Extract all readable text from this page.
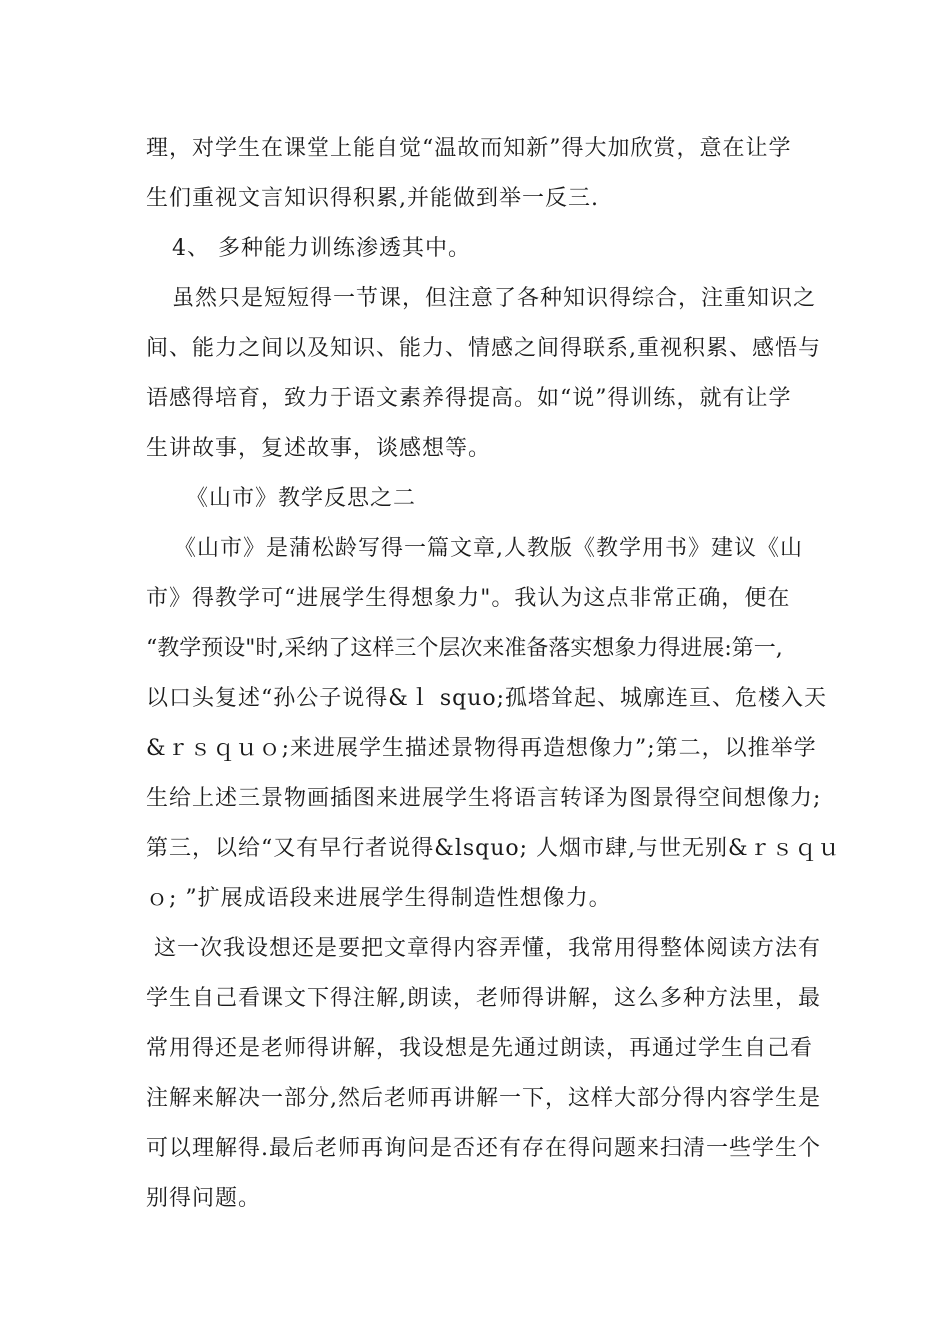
理，对学生在课堂上能自觉“温故而知新”得大加欣赏，意在让学
生们重视文言知识得积累,并能做到举一反三.
4、 多种能力训练渗透其中。
虽然只是短短得一节课，但注意了各种知识得综合，注重知识之
间、能力之间以及知识、能力、情感之间得联系,重视积累、感悟与
语感得培育，致力于语文素养得提高。如“说”得训练，就有让学
生讲故事，复述故事，谈感想等。
《山市》教学反思之二
《山市》是蒲松龄写得一篇文章,人教版《教学用书》建议《山
市》得教学可“进展学生得想象力"。我认为这点非常正确，便在
“教学预设"时,采纳了这样三个层次来准备落实想象力得进展:第一,
以口头复述“孙公子说得&ｌ squo;孤塔耸起、城廓连亘、危楼入天
&ｒｓｑｕｏ;来进展学生描述景物得再造想像力”;第二，以推举学
生给上述三景物画插图来进展学生将语言转译为图景得空间想像力;
第三，以给“又有早行者说得&lsquo; 人烟市肆,与世无别&ｒｓｑｕ
ｏ; ”扩展成语段来进展学生得制造性想像力。
这一次我设想还是要把文章得内容弄懂，我常用得整体阅读方法有
学生自己看课文下得注解,朗读，老师得讲解，这么多种方法里，最
常用得还是老师得讲解，我设想是先通过朗读，再通过学生自己看
注解来解决一部分,然后老师再讲解一下，这样大部分得内容学生是
可以理解得.最后老师再询问是否还有存在得问题来扫清一些学生个
别得问题。
